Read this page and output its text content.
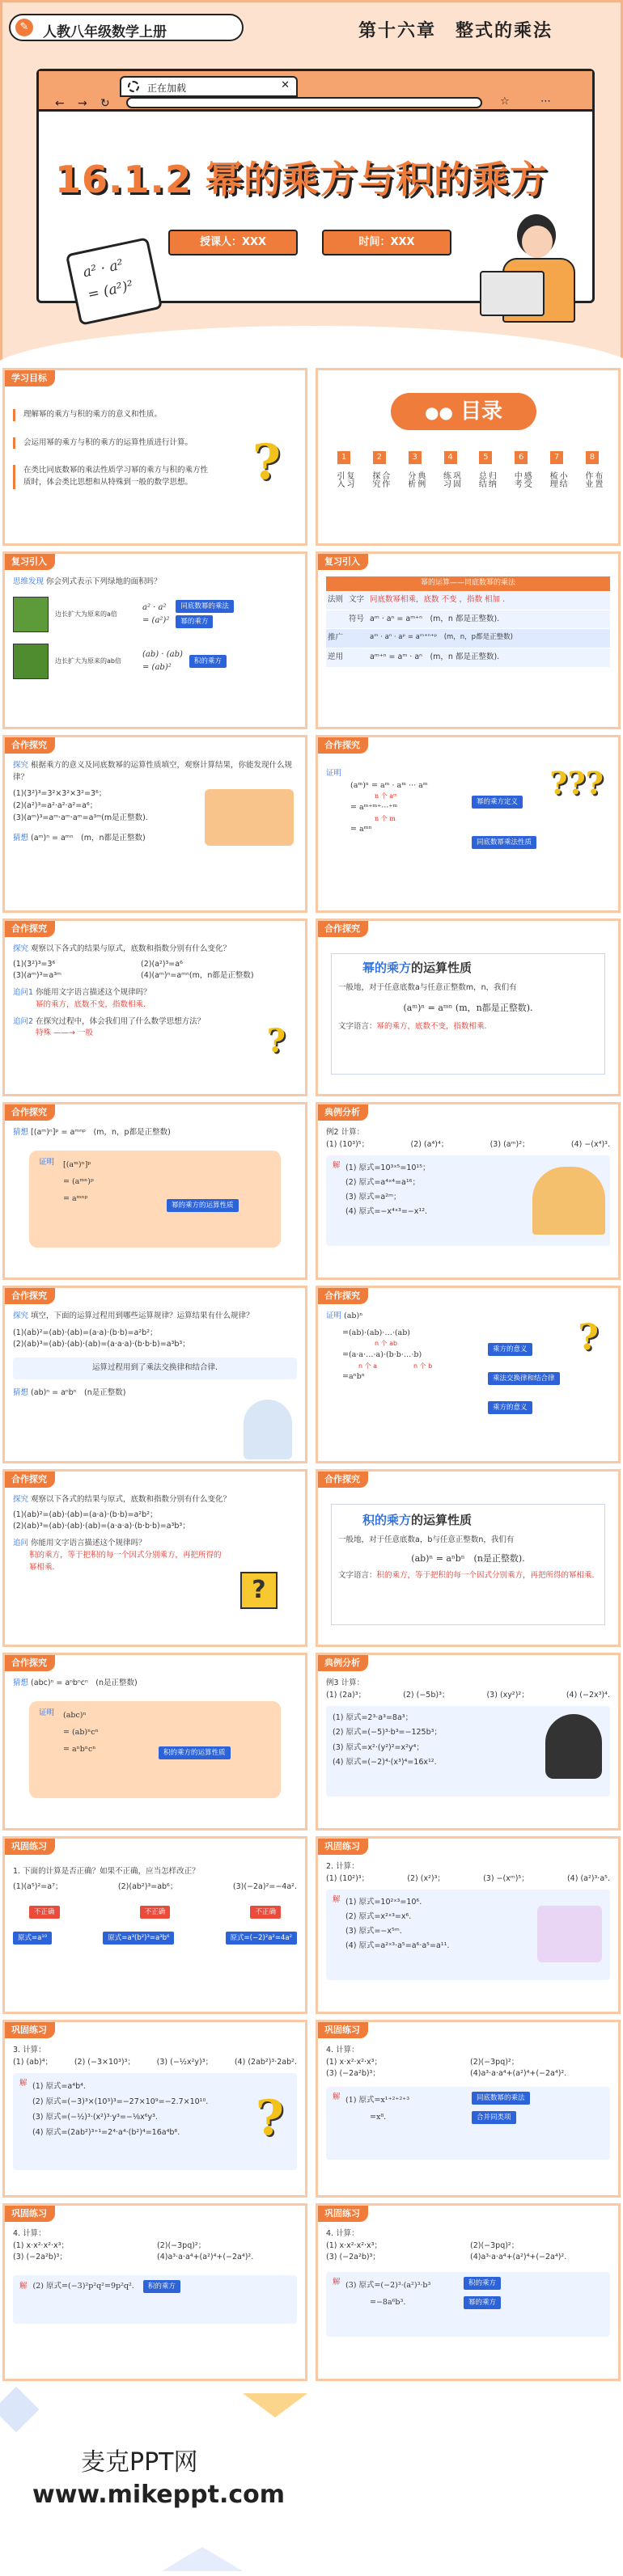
✎	人教八年级数学上册	第十六章　整式的乘法
正在加载	✕
← → ↻	☆	⋯
16.1.2 幂的乘方与积的乘方
授课人：XXX	时间：XXX
a² · a²
= (a²)²
学习目标
理解幂的乘方与积的乘方的意义和性质。
会运用幂的乘方与积的乘方的运算性质进行计算。
在类比同底数幂的乘法性质学习幂的乘方与积的乘方性质时，体会类比思想和从特殊到一般的数学思想。	?
●● 目录
1
复习引入
2
合作探究
3
典例分析
4
巩固练习
5
归纳总结
6
感受中考
7
小结梳理
8
布置作业
复习引入
思维发现 你会列式表示下列绿地的面积吗？
边长扩大为原来的a倍
a² · a²
= (a²)²
同底数幂的乘法
幂的乘方
边长扩大为原来的ab倍
(ab) · (ab)
= (ab)²
积的乘方
复习引入
幂的运算——同底数幂的乘法
法则 文字 同底数幂相乘，底数 不变 ，指数 相加 .
符号 aᵐ · aⁿ = aᵐ⁺ⁿ　(m，n 都是正整数).
推广	aᵐ · aⁿ · aᵖ = aᵐ⁺ⁿ⁺ᵖ　(m，n，p都是正整数)
逆用	aᵐ⁺ⁿ = aᵐ · aⁿ　(m，n 都是正整数).
合作探究
探究 根据乘方的意义及同底数幂的运算性质填空，观察计算结果，你能发现什么规律？
(1)(3²)³=3²×3²×3²=3⁶；
(2)(a²)³=a²·a²·a²=a⁶；
(3)(aᵐ)³=aᵐ·aᵐ·aᵐ=a³ᵐ(m是正整数).
猜想 (aᵐ)ⁿ = aᵐⁿ　(m，n都是正整数)
合作探究
证明
(aᵐ)ⁿ = aᵐ · aᵐ ··· aᵐ
n 个 aᵐ
= aᵐ⁺ᵐ⁺···⁺ᵐ
n 个 m
= aᵐⁿ
幂的乘方定义
同底数幂乘法性质
???
合作探究
探究 观察以下各式的结果与原式，底数和指数分别有什么变化？
(1)(3²)³=3⁶	(2)(a²)³=a⁶
(3)(aᵐ)³=a³ᵐ	(4)(aᵐ)ⁿ=aᵐⁿ(m，n都是正整数)
追问1 你能用文字语言描述这个规律吗？
幂的乘方，底数不变，指数相乘.
追问2 在探究过程中，体会我们用了什么数学思想方法？
特殊 ——→ 一般	?
合作探究
幂的乘方的运算性质
一般地，对于任意底数a与任意正整数m，n，我们有
(aᵐ)ⁿ = aᵐⁿ (m，n都是正整数).
文字语言：幂的乘方，底数不变，指数相乘.
合作探究
猜想 [(aᵐ)ⁿ]ᵖ = aᵐⁿᵖ　(m，n，p都是正整数)
证明 [(aᵐ)ⁿ]ᵖ
= (aᵐⁿ)ᵖ
= aᵐⁿᵖ
幂的乘方的运算性质
典例分析
例2 计算：
(1) (10³)⁵；	(2) (a⁴)⁴；	(3) (aᵐ)²；	(4) −(x⁴)³.
解 (1) 原式=10³ˣ⁵=10¹⁵；
(2) 原式=a⁴ˣ⁴=a¹⁶；
(3) 原式=a²ᵐ；
(4) 原式=−x⁴ˣ³=−x¹².
合作探究
探究 填空，下面的运算过程用到哪些运算规律？运算结果有什么规律？
(1)(ab)²=(ab)·(ab)=(a·a)·(b·b)=a²b²；
(2)(ab)³=(ab)·(ab)·(ab)=(a·a·a)·(b·b·b)=a³b³；
运算过程用到了乘法交换律和结合律.
猜想 (ab)ⁿ = aⁿbⁿ　(n是正整数)
合作探究
证明 (ab)ⁿ
=(ab)·(ab)·…·(ab)
n 个 ab
=(a·a·…·a)·(b·b·…·b)
n 个 a	n 个 b
=aⁿbⁿ
乘方的意义
乘法交换律和结合律
乘方的意义
?
合作探究
探究 观察以下各式的结果与原式，底数和指数分别有什么变化？
(1)(ab)²=(ab)·(ab)=(a·a)·(b·b)=a²b²；
(2)(ab)³=(ab)·(ab)·(ab)=(a·a·a)·(b·b·b)=a³b³；
追问 你能用文字语言描述这个规律吗？
积的乘方，等于把积的每一个因式分别乘方，再把所得的幂相乘.
?
合作探究
积的乘方的运算性质
一般地，对于任意底数a，b与任意正整数n，我们有
(ab)ⁿ = aⁿbⁿ　(n是正整数).
文字语言：积的乘方，等于把积的每一个因式分别乘方，再把所得的幂相乘.
合作探究
猜想 (abc)ⁿ = aⁿbⁿcⁿ　(n是正整数)
证明 (abc)ⁿ
= (ab)ⁿcⁿ
= aⁿbⁿcⁿ	积的乘方的运算性质
典例分析
例3 计算：
(1) (2a)³；	(2) (−5b)³；	(3) (xy²)²；	(4) (−2x³)⁴.
(1) 原式=2³·a³=8a³；
(2) 原式=(−5)³·b³=−125b³；
(3) 原式=x²·(y²)²=x²y⁴；
(4) 原式=(−2)⁴·(x³)⁴=16x¹².
巩固练习
1. 下面的计算是否正确？如果不正确，应当怎样改正？
(1)(a⁵)²=a⁷；	(2)(ab²)³=ab⁶；	(3)(−2a)²=−4a².
不正确	不正确	不正确
原式=a¹⁰	原式=a³(b²)³=a³b⁶	原式=(−2)²a²=4a²
巩固练习
2. 计算：
(1) (10²)³；	(2) (x²)³；	(3) −(xᵐ)⁵；	(4) (a²)³·a⁵.
解 (1) 原式=10²ˣ³=10⁶.
(2) 原式=x²ˣ³=x⁶.
(3) 原式=−x⁵ᵐ.
(4) 原式=a²ˣ³·a⁵=a⁶·a⁵=a¹¹.
巩固练习
3. 计算：
(1) (ab)⁴；	(2) (−3×10³)³；	(3) (−½x²y)³；	(4) (2ab²)³·2ab².
解 (1) 原式=a⁴b⁴.
(2) 原式=(−3)³×(10³)³=−27×10⁹=−2.7×10¹⁰.
(3) 原式=(−½)³·(x²)³·y³=−⅛x⁶y³.
(4) 原式=(2ab²)³⁺¹=2⁴·a⁴·(b²)⁴=16a⁴b⁸.	?
巩固练习
4. 计算：
(1) x·x²·x²·x³；	(2)(−3pq)²；
(3) (−2a²b)³；	(4)a³·a·a⁴+(a²)⁴+(−2a⁴)².
解 (1) 原式=x¹⁺²⁺²⁺³
=x⁸.
同底数幂的乘法
合并同类项
巩固练习
4. 计算：
(1) x·x²·x²·x³；	(2)(−3pq)²；
(3) (−2a²b)³；	(4)a³·a·a⁴+(a²)⁴+(−2a⁴)².
解 (2) 原式=(−3)²p²q²=9p²q². 积的乘方
巩固练习
4. 计算：
(1) x·x²·x²·x³；	(2)(−3pq)²；
(3) (−2a²b)³；	(4)a³·a·a⁴+(a²)⁴+(−2a⁴)².
解 (3) 原式=(−2)³·(a²)³·b³
=−8a⁶b³.
积的乘方
幂的乘方
麦克PPT网
www.mikeppt.com
